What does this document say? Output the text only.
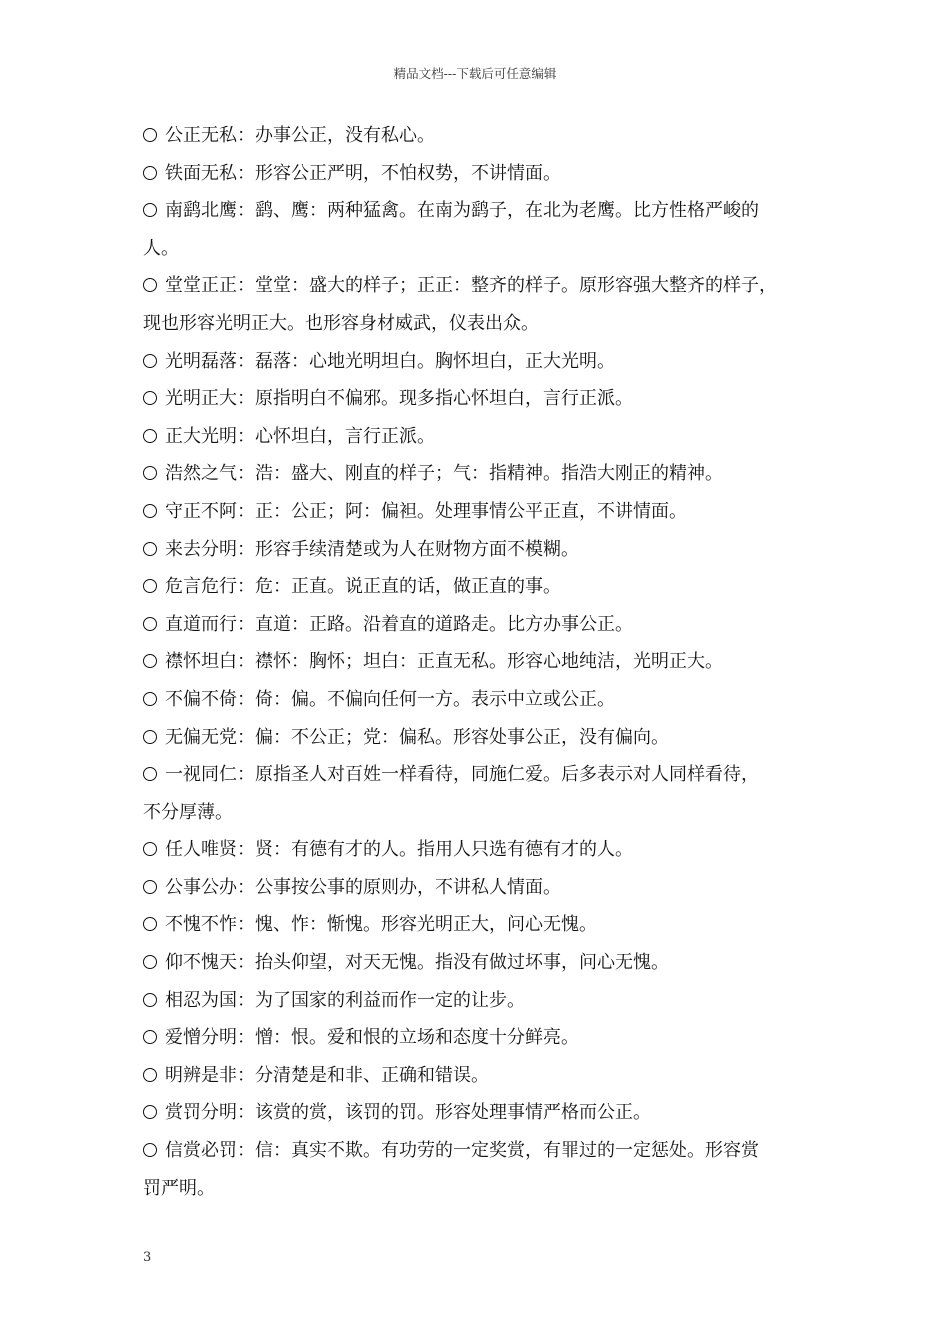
精品文档---下载后可任意编辑
公正无私：办事公正，没有私心。
铁面无私：形容公正严明，不怕权势，不讲情面。
南鹞北鹰：鹞、鹰：两种猛禽。在南为鹞子，在北为老鹰。比方性格严峻的
人。
堂堂正正：堂堂：盛大的样子；正正：整齐的样子。原形容强大整齐的样子，
现也形容光明正大。也形容身材威武，仪表出众。
光明磊落：磊落：心地光明坦白。胸怀坦白，正大光明。
光明正大：原指明白不偏邪。现多指心怀坦白，言行正派。
正大光明：心怀坦白，言行正派。
浩然之气：浩：盛大、刚直的样子；气：指精神。指浩大刚正的精神。
守正不阿：正：公正；阿：偏袒。处理事情公平正直，不讲情面。
来去分明：形容手续清楚或为人在财物方面不模糊。
危言危行：危：正直。说正直的话，做正直的事。
直道而行：直道：正路。沿着直的道路走。比方办事公正。
襟怀坦白：襟怀：胸怀；坦白：正直无私。形容心地纯洁，光明正大。
不偏不倚：倚：偏。不偏向任何一方。表示中立或公正。
无偏无党：偏：不公正；党：偏私。形容处事公正，没有偏向。
一视同仁：原指圣人对百姓一样看待，同施仁爱。后多表示对人同样看待，
不分厚薄。
任人唯贤：贤：有德有才的人。指用人只选有德有才的人。
公事公办：公事按公事的原则办，不讲私人情面。
不愧不怍：愧、怍：惭愧。形容光明正大，问心无愧。
仰不愧天：抬头仰望，对天无愧。指没有做过坏事，问心无愧。
相忍为国：为了国家的利益而作一定的让步。
爱憎分明：憎：恨。爱和恨的立场和态度十分鲜亮。
明辨是非：分清楚是和非、正确和错误。
赏罚分明：该赏的赏，该罚的罚。形容处理事情严格而公正。
信赏必罚：信：真实不欺。有功劳的一定奖赏，有罪过的一定惩处。形容赏
罚严明。
3
